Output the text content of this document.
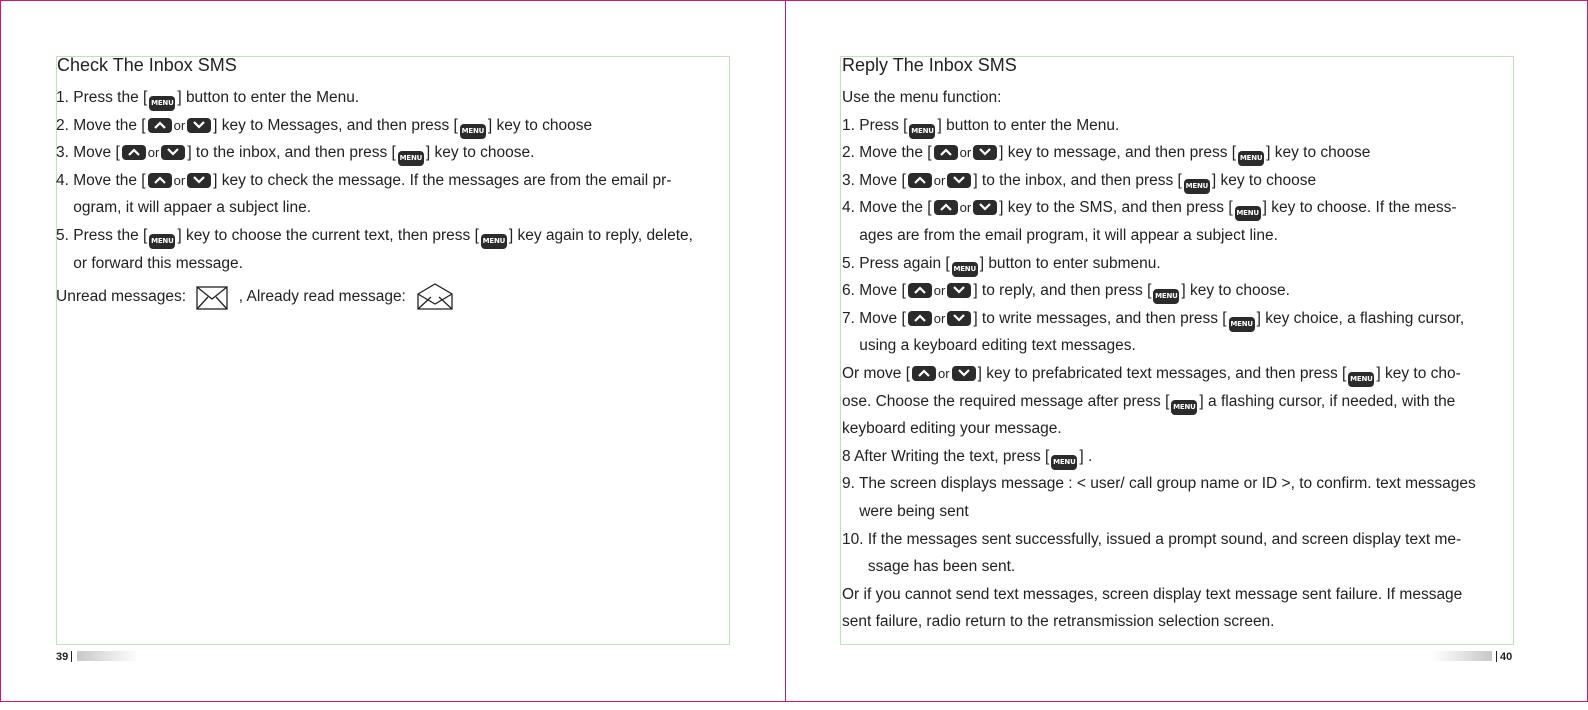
Check The Inbox SMS
1. Press the [ MENU ] button to enter the Menu.
2. Move the [ or ] key to Messages, and then press [ MENU ] key to choose
3. Move [ or ] to the inbox, and then press [ MENU ] key to choose.
4. Move the [ or ] key to check the message. If the messages are from the email pr-
ogram, it will appaer a subject line.
5. Press the [ MENU ] key to choose the current text, then press [ MENU ] key again to reply, delete,
or forward this message.
Unread messages:	, Already read message:
Reply The Inbox SMS
Use the menu function:
1. Press [ MENU ] button to enter the Menu.
2. Move the [ or ] key to message, and then press [ MENU ] key to choose
3. Move [ or ] to the inbox, and then press [ MENU ] key to choose
4. Move the [ or ] key to the SMS, and then press [ MENU ] key to choose. If the mess-
ages are from the email program, it will appear a subject line.
5. Press again [ MENU ] button to enter submenu.
6. Move [ or ] to reply, and then press [ MENU ] key to choose.
7. Move [ or ] to write messages, and then press [ MENU ] key choice, a flashing cursor,
using a keyboard editing text messages.
Or move [ or ] key to prefabricated text messages, and then press [ MENU ] key to cho-
ose. Choose the required message after press [ MENU ] a flashing cursor, if needed, with the
keyboard editing your message.
8 After Writing the text, press [ MENU ] .
9. The screen displays message : < user/ call group name or ID >, to confirm. text messages
were being sent
10. If the messages sent successfully, issued a prompt sound, and screen display text me-
ssage has been sent.
Or if you cannot send text messages, screen display text message sent failure. If message
sent failure, radio return to the retransmission selection screen.
39	40
